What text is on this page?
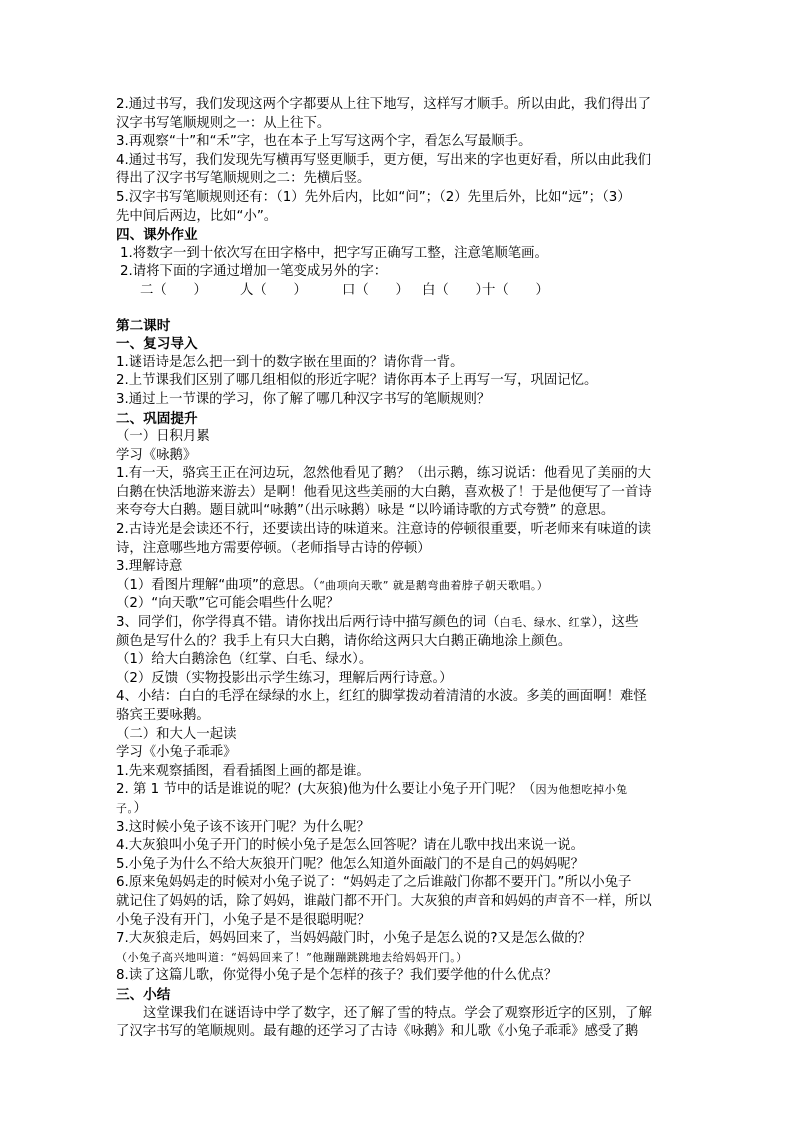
2.通过书写，我们发现这两个字都要从上往下地写，这样写才顺手。所以由此，我们得出了
汉字书写笔顺规则之一：从上往下。
3.再观察“十”和“禾”字，也在本子上写写这两个字，看怎么写最顺手。
4.通过书写，我们发现先写横再写竖更顺手，更方便，写出来的字也更好看，所以由此我们
得出了汉字书写笔顺规则之二：先横后竖。
5.汉字书写笔顺规则还有：（1）先外后内，比如“问”；（2）先里后外，比如“远”；（3）
先中间后两边，比如“小”。
四、课外作业
1.将数字一到十依次写在田字格中，把字写正确写工整，注意笔顺笔画。
2.请将下面的字通过增加一笔变成另外的字：
二（　　）	人（　　）	口（　　） 白（　　）
十（　　）
第二课时
一、复习导入
1.谜语诗是怎么把一到十的数字嵌在里面的？请你背一背。
2.上节课我们区别了哪几组相似的形近字呢？请你再本子上再写一写，巩固记忆。
3.通过上一节课的学习，你了解了哪几种汉字书写的笔顺规则？
二、巩固提升
（一）日积月累
学习《咏鹅》
1.有一天，骆宾王正在河边玩，忽然他看见了鹅？（出示鹅，练习说话：他看见了美丽的大
白鹅在快活地游来游去）是啊！他看见这些美丽的大白鹅，喜欢极了！于是他便写了一首诗
来夸夸大白鹅。题目就叫“咏鹅”（出示咏鹅）咏是 “以吟诵诗歌的方式夸赞” 的意思。
2.古诗光是会读还不行，还要读出诗的味道来。注意诗的停顿很重要，听老师来有味道的读
诗，注意哪些地方需要停顿。（老师指导古诗的停顿）
3.理解诗意
（1）看图片理解“曲项”的意思。（“曲项向天歌” 就是鹅弯曲着脖子朝天歌唱。）
（2）“向天歌”它可能会唱些什么呢？
3、同学们，你学得真不错。请你找出后两行诗中描写颜色的词（白毛、绿水、红掌），这些
颜色是写什么的？我手上有只大白鹅，请你给这两只大白鹅正确地涂上颜色。
（1）给大白鹅涂色（红掌、白毛、绿水）。
（2）反馈（实物投影出示学生练习，理解后两行诗意。）
4、小结：白白的毛浮在绿绿的水上，红红的脚掌拨动着清清的水波。多美的画面啊！难怪
骆宾王要咏鹅。
（二）和大人一起读
学习《小兔子乖乖》
1.先来观察插图，看看插图上画的都是谁。
2. 第 1 节中的话是谁说的呢？(大灰狼)他为什么要让小兔子开门呢？（因为他想吃掉小兔
子。）
3.这时候小兔子该不该开门呢？为什么呢？
4.大灰狼叫小兔子开门的时候小兔子是怎么回答呢？请在儿歌中找出来说一说。
5.小兔子为什么不给大灰狼开门呢？他怎么知道外面敲门的不是自己的妈妈呢？
6.原来兔妈妈走的时候对小兔子说了：“妈妈走了之后谁敲门你都不要开门。”所以小兔子
就记住了妈妈的话，除了妈妈，谁敲门都不开门。大灰狼的声音和妈妈的声音不一样，所以
小兔子没有开门，小兔子是不是很聪明呢？
7.大灰狼走后，妈妈回来了，当妈妈敲门时，小兔子是怎么说的?又是怎么做的？
（小兔子高兴地叫道：“妈妈回来了！”他蹦蹦跳跳地去给妈妈开门。）
8.读了这篇儿歌，你觉得小兔子是个怎样的孩子？我们要学他的什么优点？
三、小结
这堂课我们在谜语诗中学了数字，还了解了雪的特点。学会了观察形近字的区别，了解
了汉字书写的笔顺规则。最有趣的还学习了古诗《咏鹅》和儿歌《小兔子乖乖》感受了鹅
